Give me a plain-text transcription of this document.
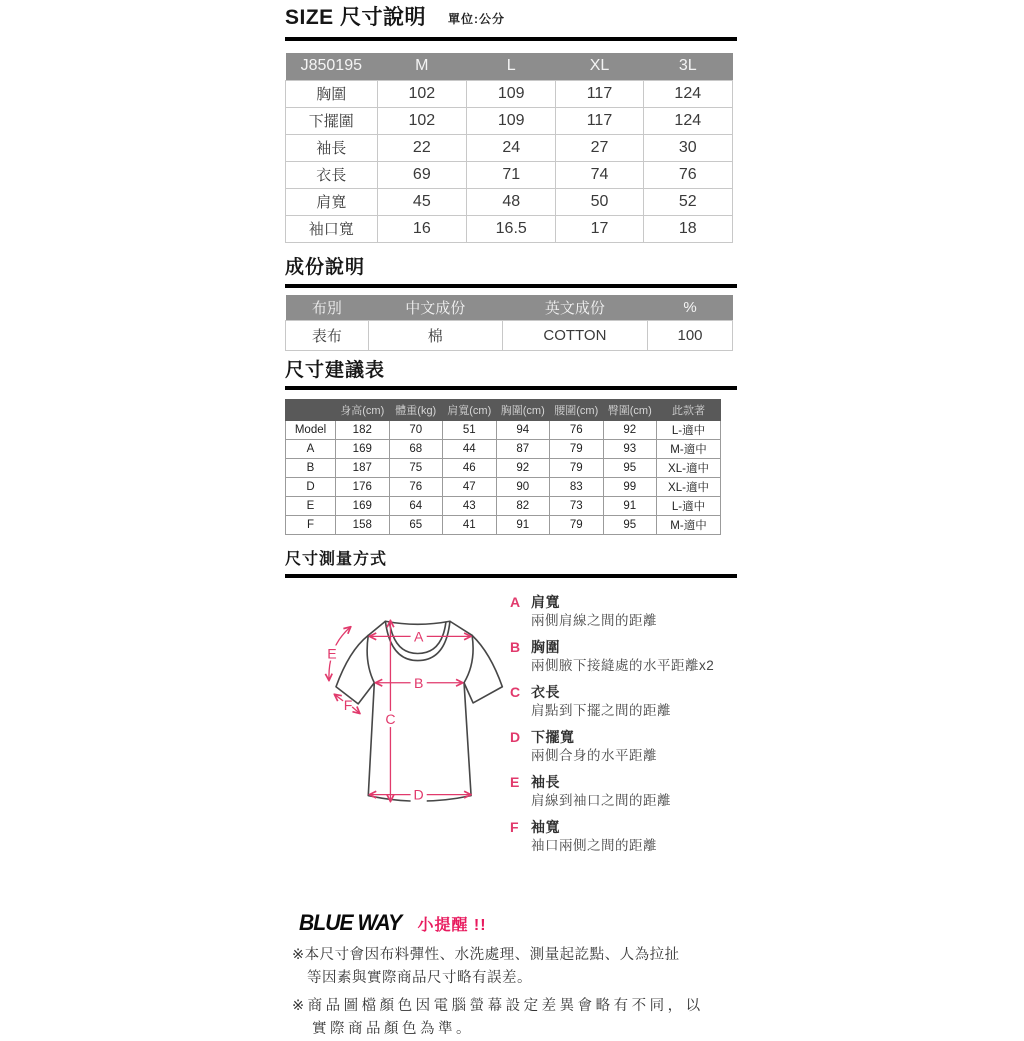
SIZE 尺寸說明 單位:公分
J850195	M	L	XL	3L
胸圍	102	109	117	124
下擺圍	102	109	117	124
袖長	22	24	27	30
衣長	69	71	74	76
肩寬	45	48	50	52
袖口寬	16	16.5	17	18
成份說明
布別	中文成份	英文成份	%
表布	棉	COTTON	100
尺寸建議表
	身高(cm)	體重(kg)	肩寬(cm)	胸圍(cm)	腰圍(cm)	臀圍(cm)	此款著
Model	182	70	51	94	76	92	L-適中
A	169	68	44	87	79	93	M-適中
B	187	75	46	92	79	95	XL-適中
D	176	76	47	90	83	99	XL-適中
E	169	64	43	82	73	91	L-適中
F	158	65	41	91	79	95	M-適中
尺寸測量方式
A
B
C
D
E
F
A 肩寬
兩側肩線之間的距離
B 胸圍
兩側腋下接縫處的水平距離x2
C 衣長
肩點到下擺之間的距離
D 下擺寬
兩側合身的水平距離
E 袖長
肩線到袖口之間的距離
F 袖寬
袖口兩側之間的距離
BLUE WAY 小提醒 !!
※本尺寸會因布料彈性、水洗處理、測量起訖點、人為拉扯
等因素與實際商品尺寸略有誤差。
※商品圖檔顏色因電腦螢幕設定差異會略有不同，以
實際商品顏色為準。
